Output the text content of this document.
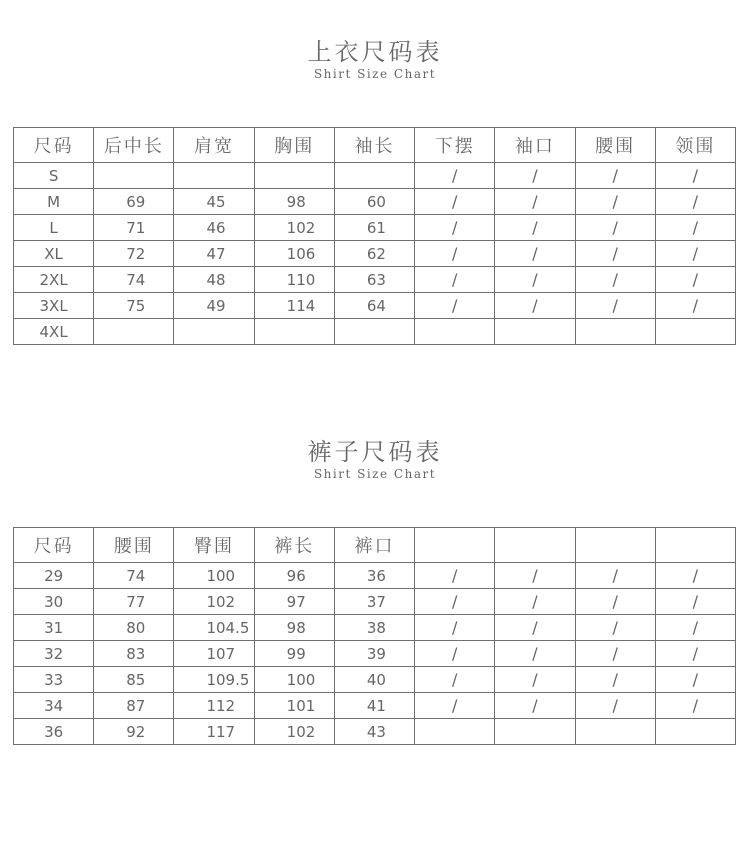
上衣尺码表
Shirt Size Chart
尺码	后中长	肩宽	胸围	袖长	下摆	袖口	腰围	领围
S					/	/	/	/
M	69	45	98	60	/	/	/	/
L	71	46	102	61	/	/	/	/
XL	72	47	106	62	/	/	/	/
2XL	74	48	110	63	/	/	/	/
3XL	75	49	114	64	/	/	/	/
4XL								
裤子尺码表
Shirt Size Chart
尺码	腰围	臀围	裤长	裤口				
29	74	100	96	36	/	/	/	/
30	77	102	97	37	/	/	/	/
31	80	104.5	98	38	/	/	/	/
32	83	107	99	39	/	/	/	/
33	85	109.5	100	40	/	/	/	/
34	87	112	101	41	/	/	/	/
36	92	117	102	43				
